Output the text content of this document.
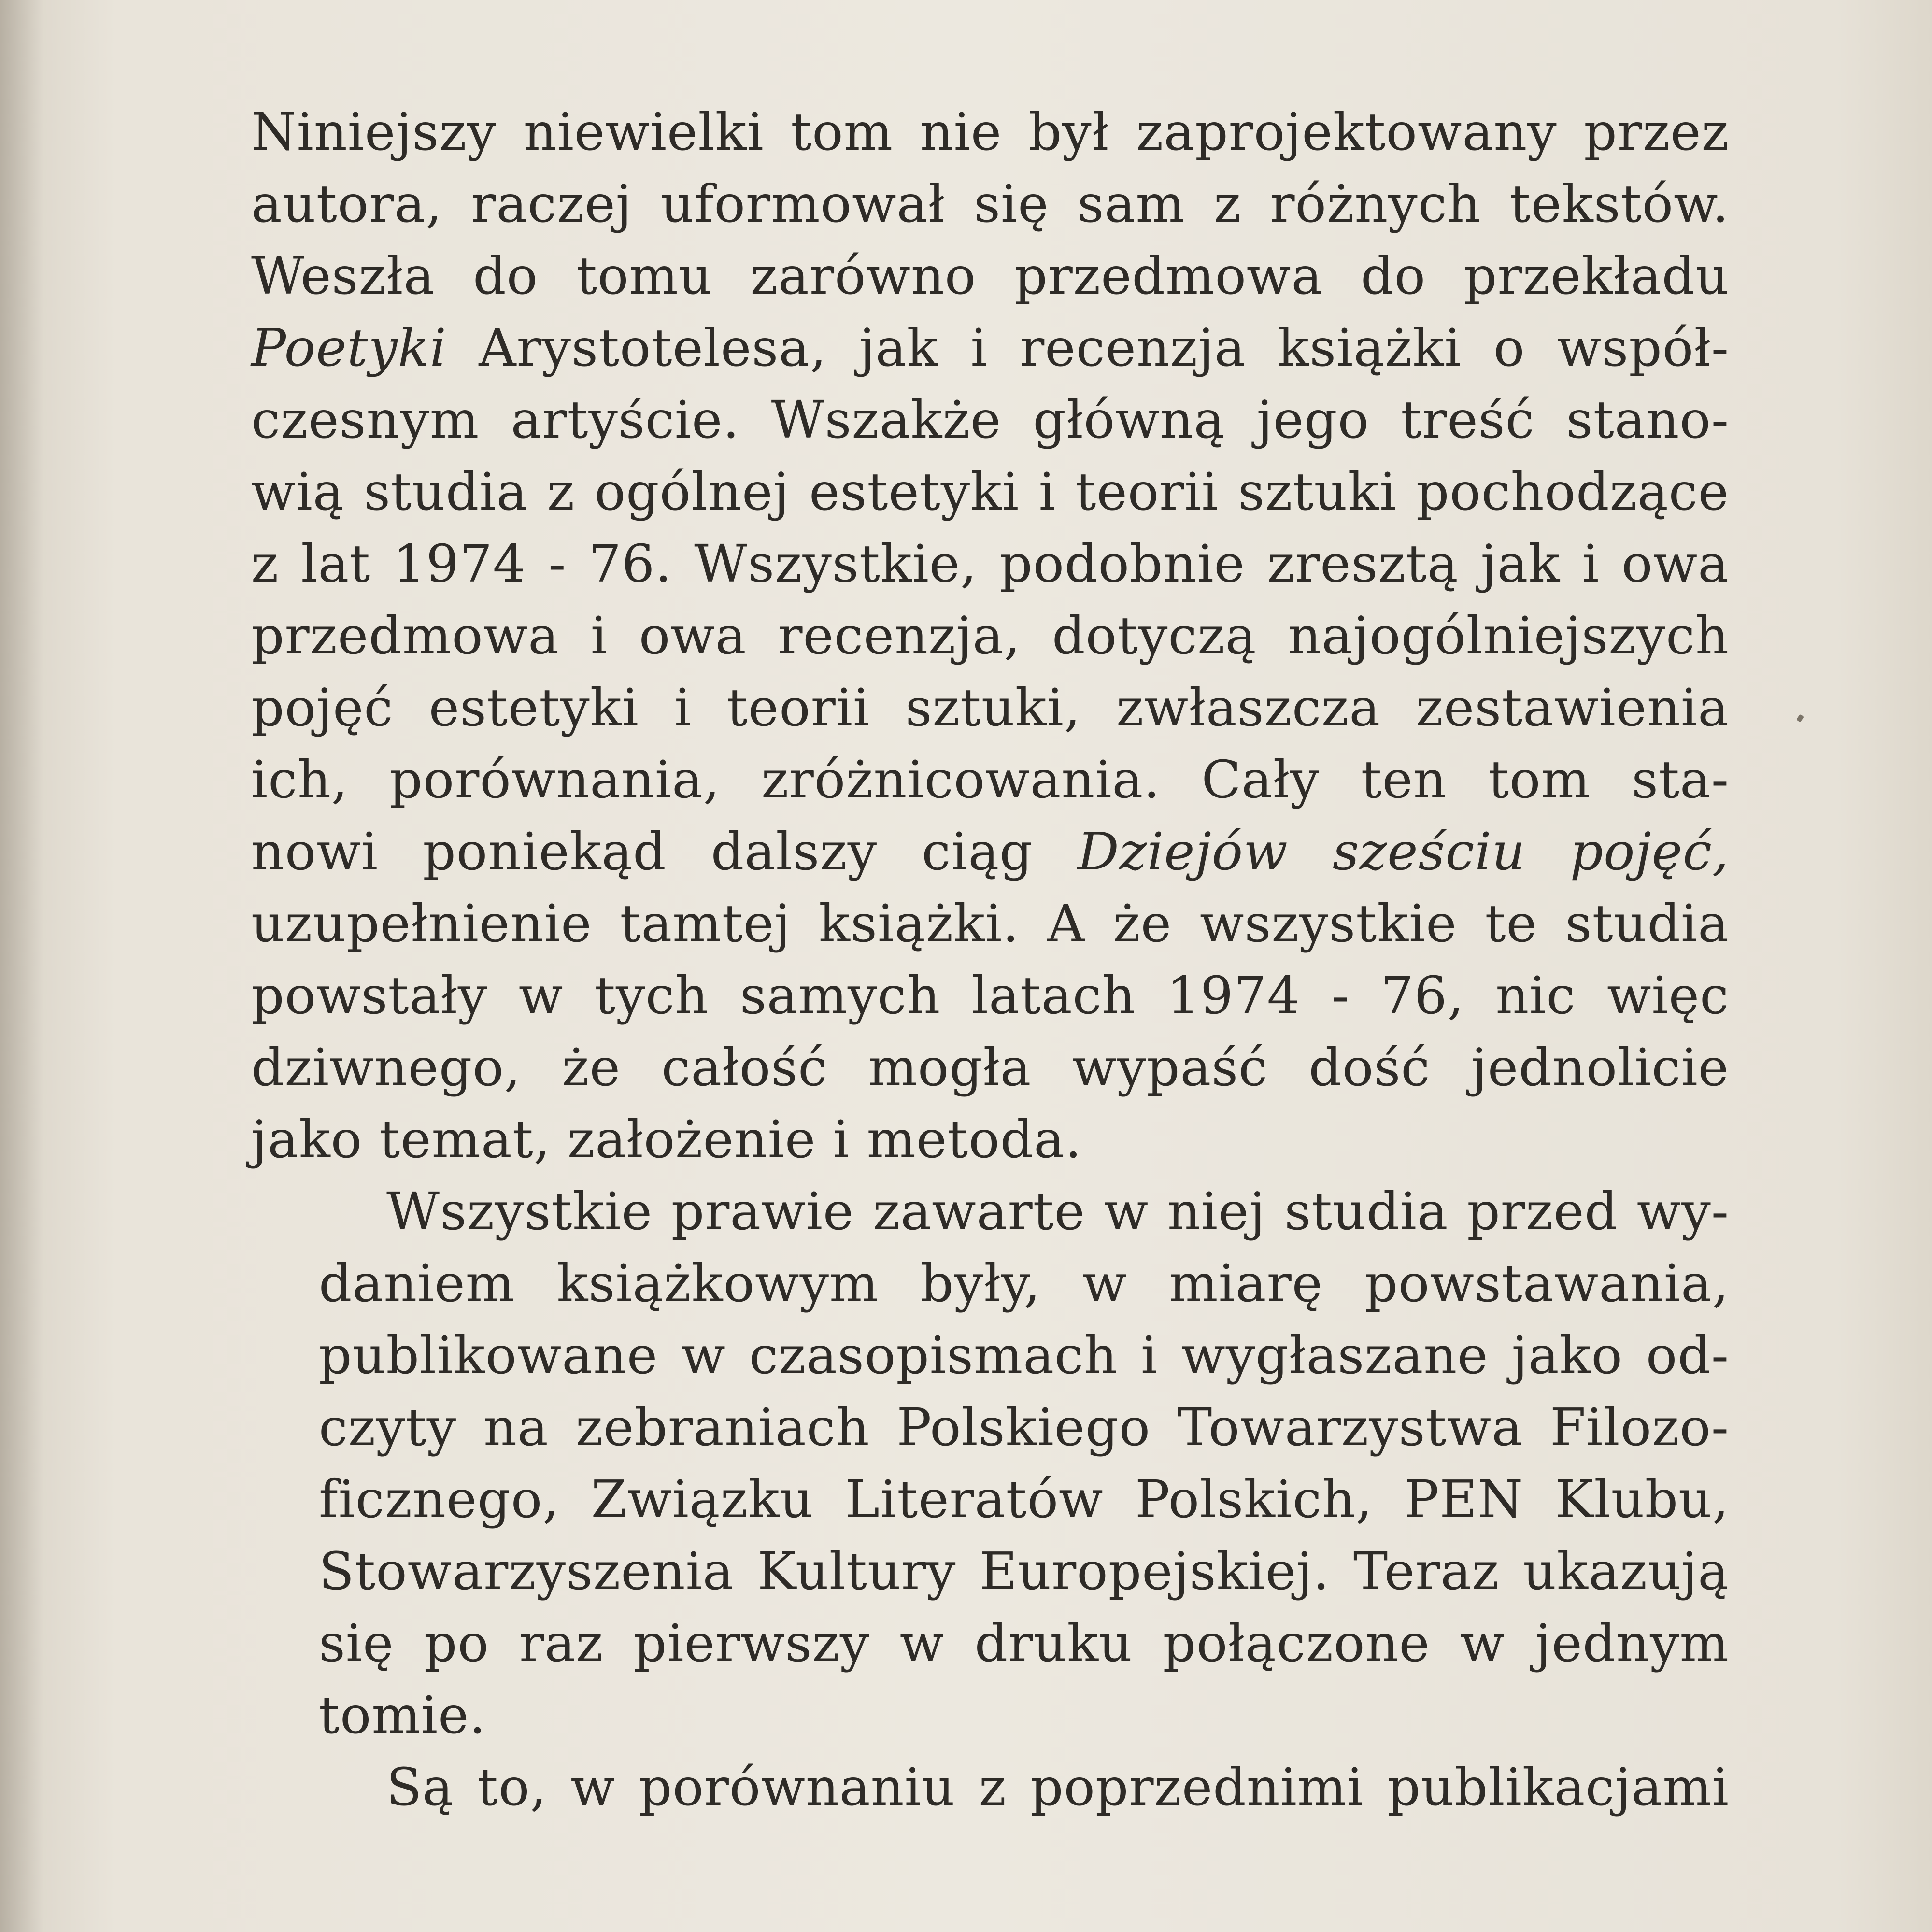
Niniejszy niewielki tom nie był zaprojektowany przez
autora, raczej uformował się sam z różnych tekstów.
Weszła do tomu zarówno przedmowa do przekładu
Poetyki Arystotelesa, jak i recenzja książki o współ-
czesnym artyście. Wszakże główną jego treść stano-
wią studia z ogólnej estetyki i teorii sztuki pochodzące
z lat 1974 - 76. Wszystkie, podobnie zresztą jak i owa
przedmowa i owa recenzja, dotyczą najogólniejszych
pojęć estetyki i teorii sztuki, zwłaszcza zestawienia
ich, porównania, zróżnicowania. Cały ten tom sta-
nowi poniekąd dalszy ciąg Dziejów sześciu pojęć,
uzupełnienie tamtej książki. A że wszystkie te studia
powstały w tych samych latach 1974 - 76, nic więc
dziwnego, że całość mogła wypaść dość jednolicie
jako temat, założenie i metoda.
Wszystkie prawie zawarte w niej studia przed wy-
daniem książkowym były, w miarę powstawania,
publikowane w czasopismach i wygłaszane jako od-
czyty na zebraniach Polskiego Towarzystwa Filozo-
ficznego, Związku Literatów Polskich, PEN Klubu,
Stowarzyszenia Kultury Europejskiej. Teraz ukazują
się po raz pierwszy w druku połączone w jednym
tomie.
Są to, w porównaniu z poprzednimi publikacjami
